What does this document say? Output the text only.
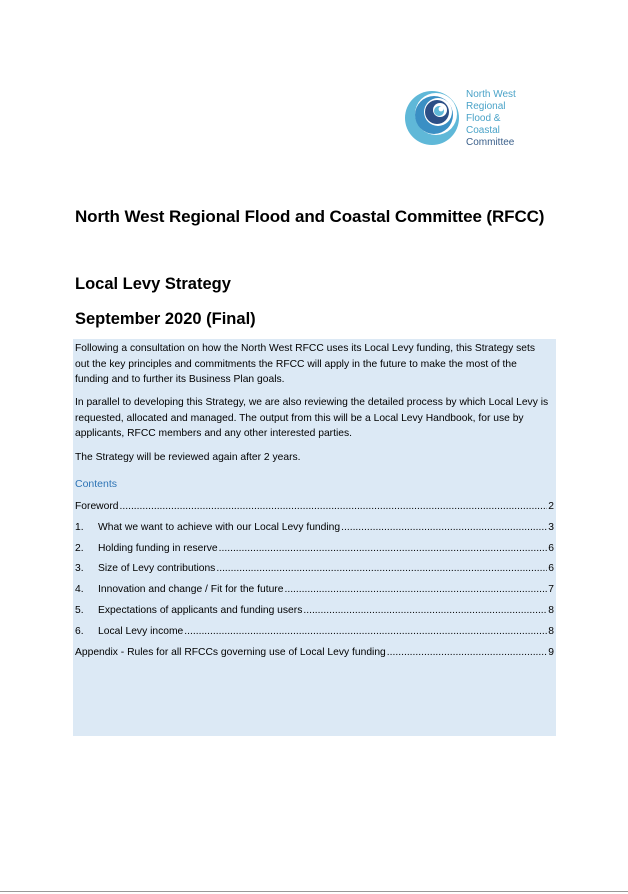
North West
Regional
Flood &
Coastal
Committee
North West Regional Flood and Coastal Committee (RFCC)
Local Levy Strategy
September 2020 (Final)
Following a consultation on how the North West RFCC uses its Local Levy funding, this Strategy sets out the key principles and commitments the RFCC will apply in the future to make the most of the funding and to further its Business Plan goals.
In parallel to developing this Strategy, we are also reviewing the detailed process by which Local Levy is requested, allocated and managed. The output from this will be a Local Levy Handbook, for use by applicants, RFCC members and any other interested parties.
The Strategy will be reviewed again after 2 years.
Contents
Foreword .....	2
1.	What we want to achieve with our Local Levy funding .....	3
2.	Holding funding in reserve .....	6
3.	Size of Levy contributions .....	6
4.	Innovation and change / Fit for the future .....	7
5.	Expectations of applicants and funding users .....	8
6.	Local Levy income .....	8
Appendix - Rules for all RFCCs governing use of Local Levy funding .....	9
